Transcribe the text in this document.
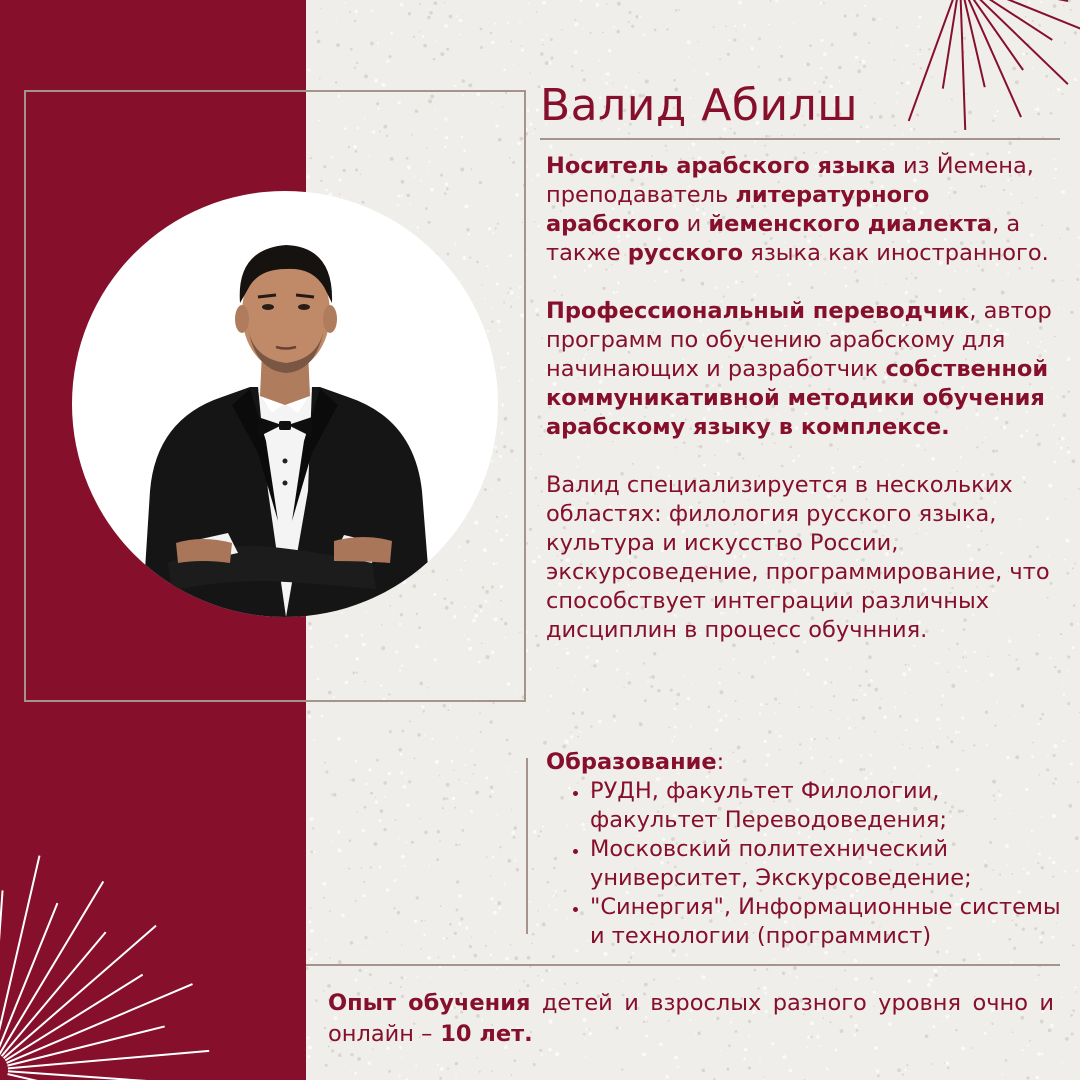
Валид Абилш

Носитель арабского языка из Йемена, преподаватель литературного арабского и йеменского диалекта, а также русского языка как иностранного.

Профессиональный переводчик, автор программ по обучению арабскому для начинающих и разработчик собственной коммуникативной методики обучения арабскому языку в комплексе.

Валид специализируется в нескольких областях: филология русского языка, культура и искусство России, экскурсоведение, программирование, что способствует интеграции различных дисциплин в процесс обучнния.

Образование:
• РУДН, факультет Филологии, факультет Переводоведения;
• Московский политехнический университет, Экскурсоведение;
• "Синергия", Информационные системы и технологии (программист)
Опыт обучения детей и взрослых разного уровня очно и онлайн – 10 лет.
